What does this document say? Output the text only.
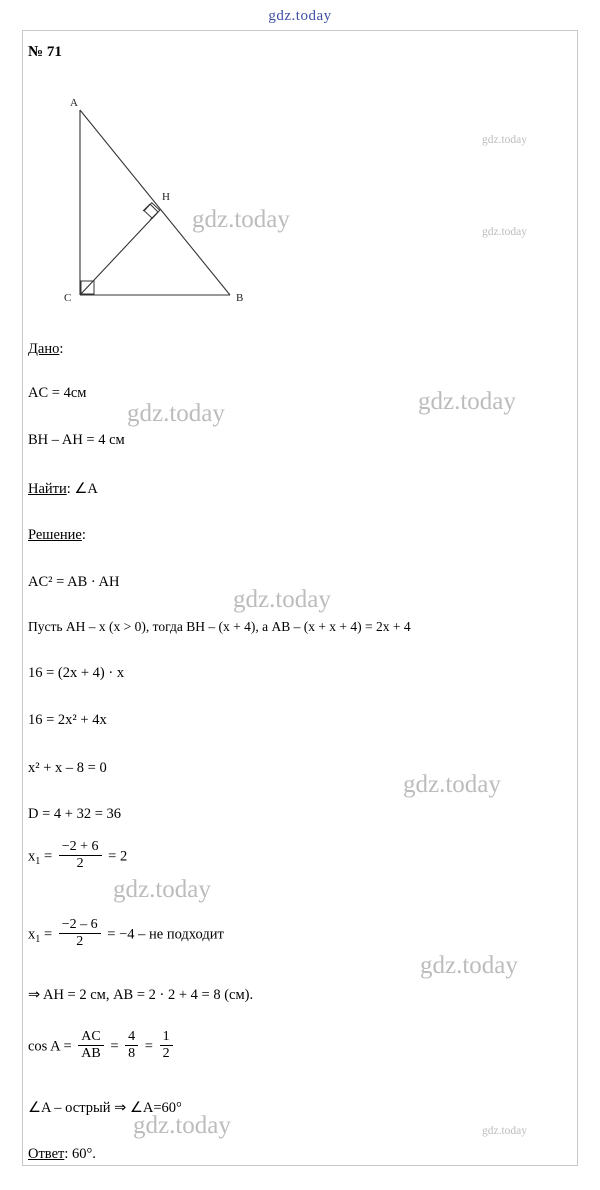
gdz.today
№ 71
A
H
C	B
Дано:
AC = 4см
BH – AH = 4 см
Найти: ∠A
Решение:
AC² = AB · AH
Пусть AH – x (x > 0), тогда BH – (x + 4), а AB – (x + x + 4) = 2x + 4
16 = (2x + 4) · x
16 = 2x² + 4x
x² + x – 8 = 0
D = 4 + 32 = 36
$x_1 = \frac{-2 + 6}{2} = 2$
$x_1 = \frac{-2 - 6}{2} = -4$ – не подходит
⇒ AH = 2 см, AB = 2 · 2 + 4 = 8 (см).
$\cos A = \frac{AC}{AB} = \frac{4}{8} = \frac{1}{2}$
∠A – острый ⇒ ∠A=60°
Ответ: 60°.
gdz.today
gdz.today
gdz.today
gdz.today	gdz.today
gdz.today
gdz.today
gdz.today
gdz.today
gdz.today	gdz.today
